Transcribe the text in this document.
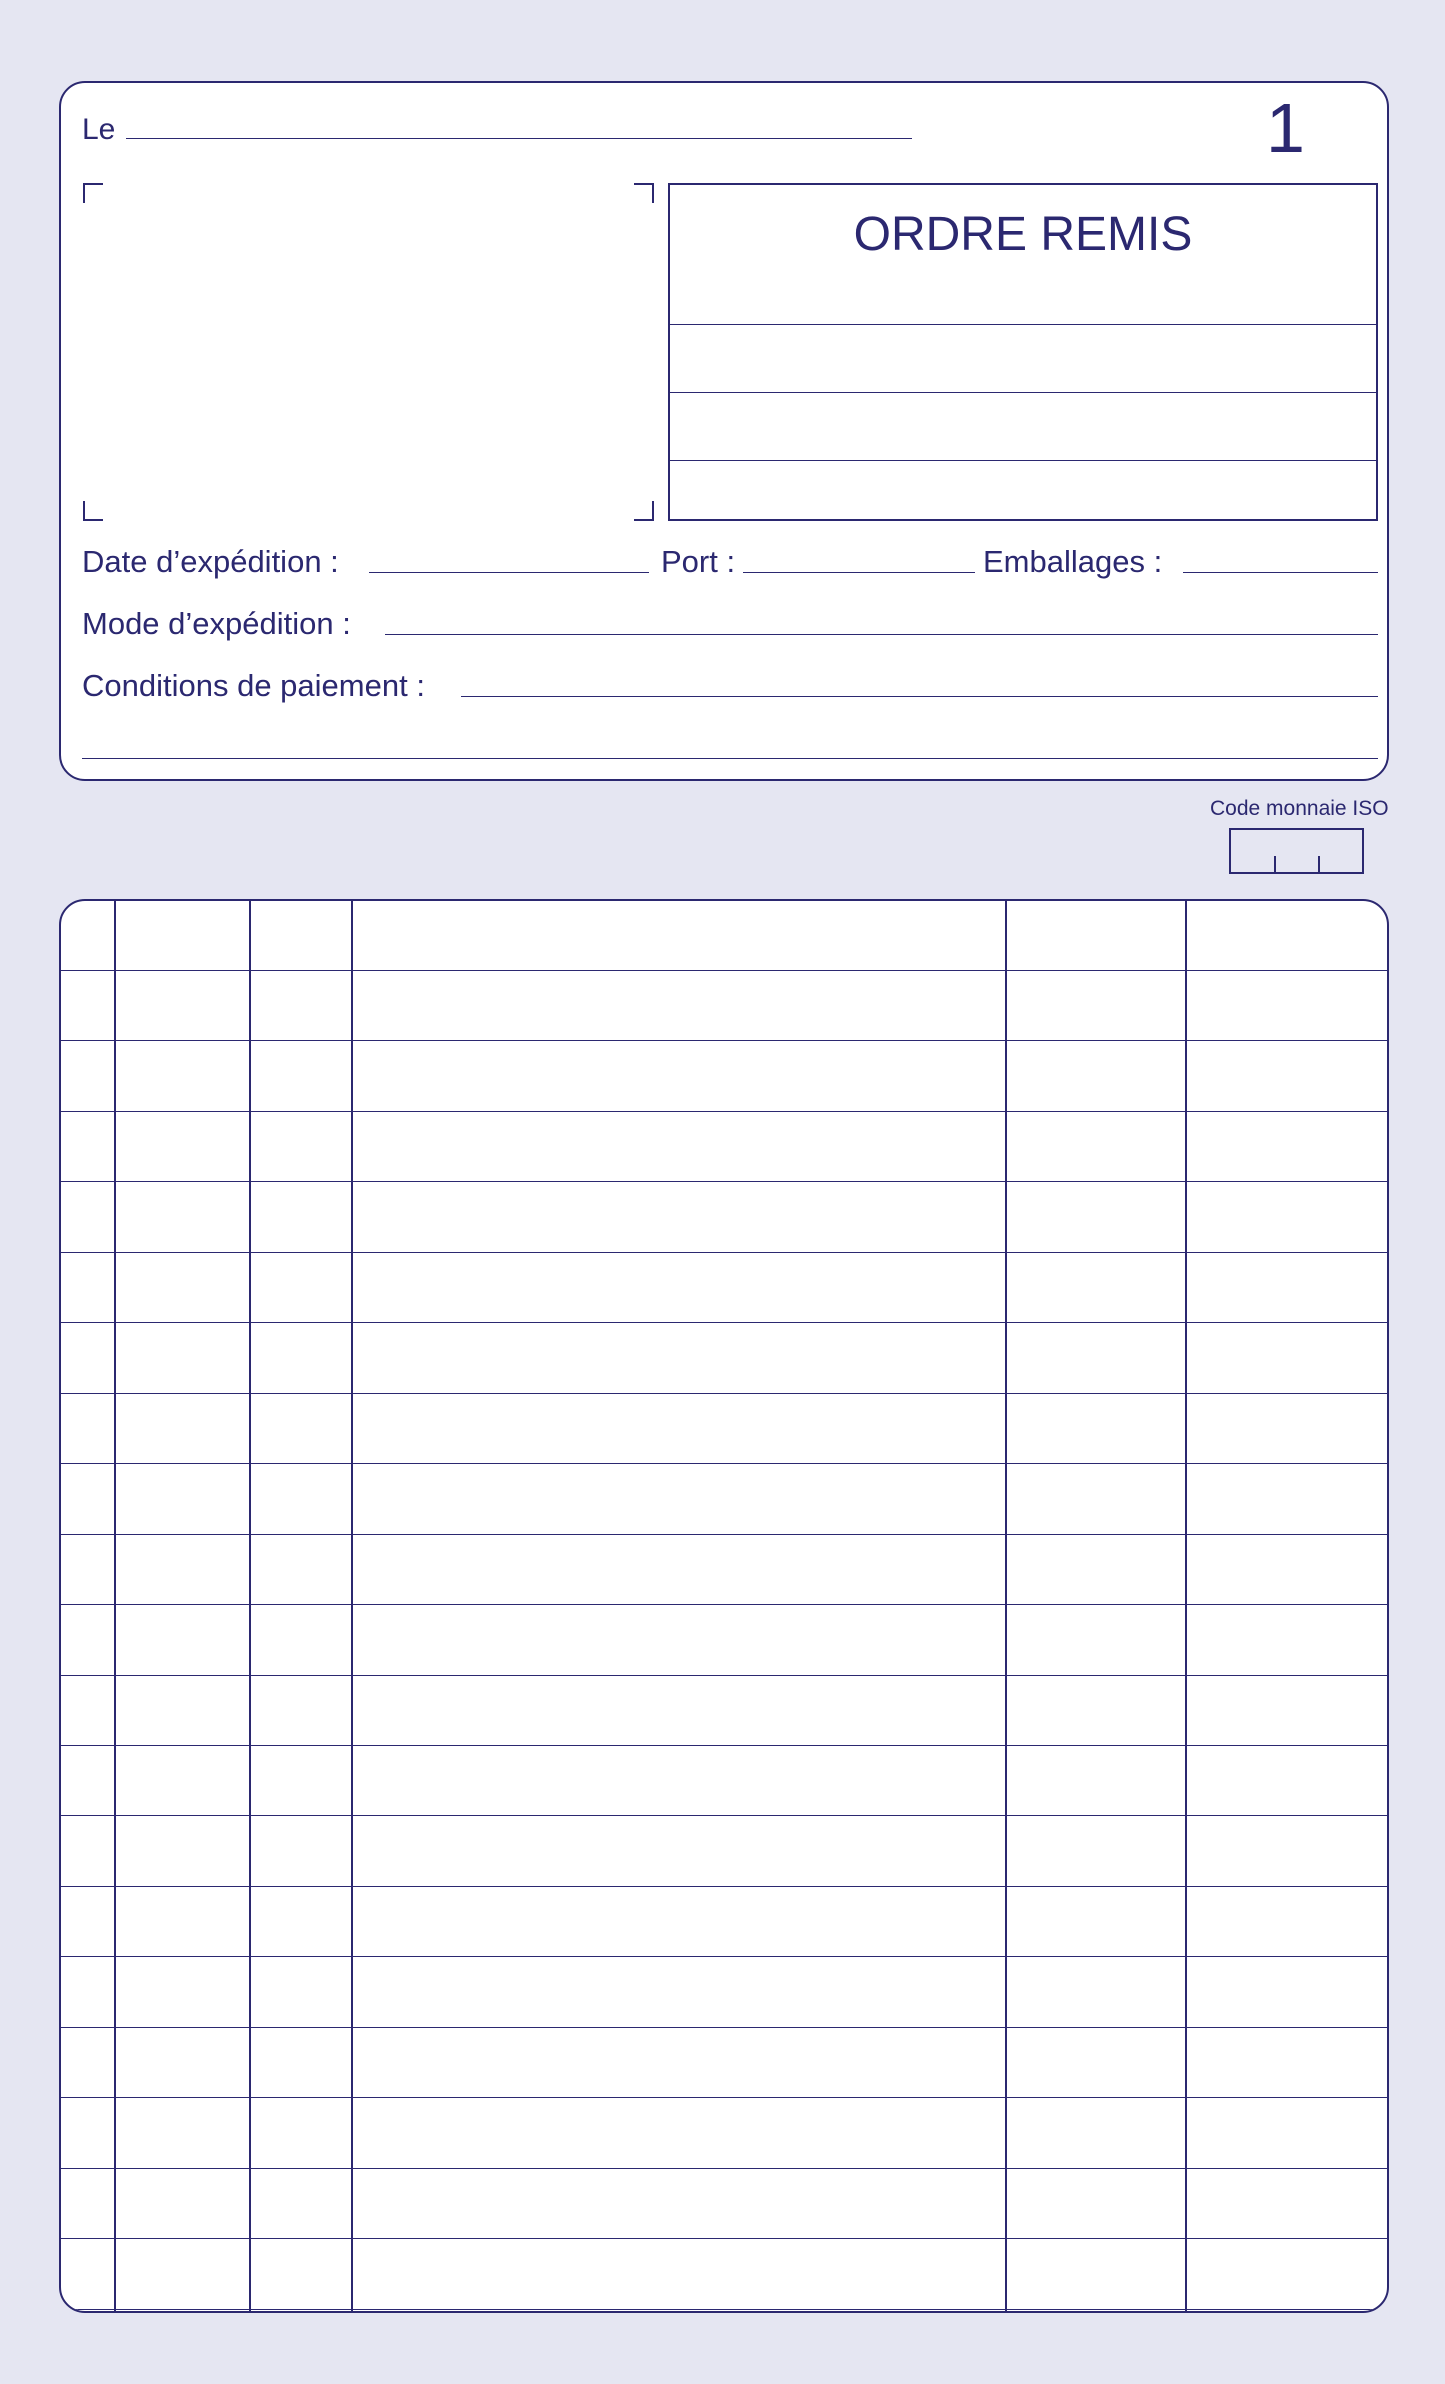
Le	1
ORDRE REMIS
Date d’expédition :	Port :	Emballages :
Mode d’expédition :
Conditions de paiement :
Code monnaie ISO
